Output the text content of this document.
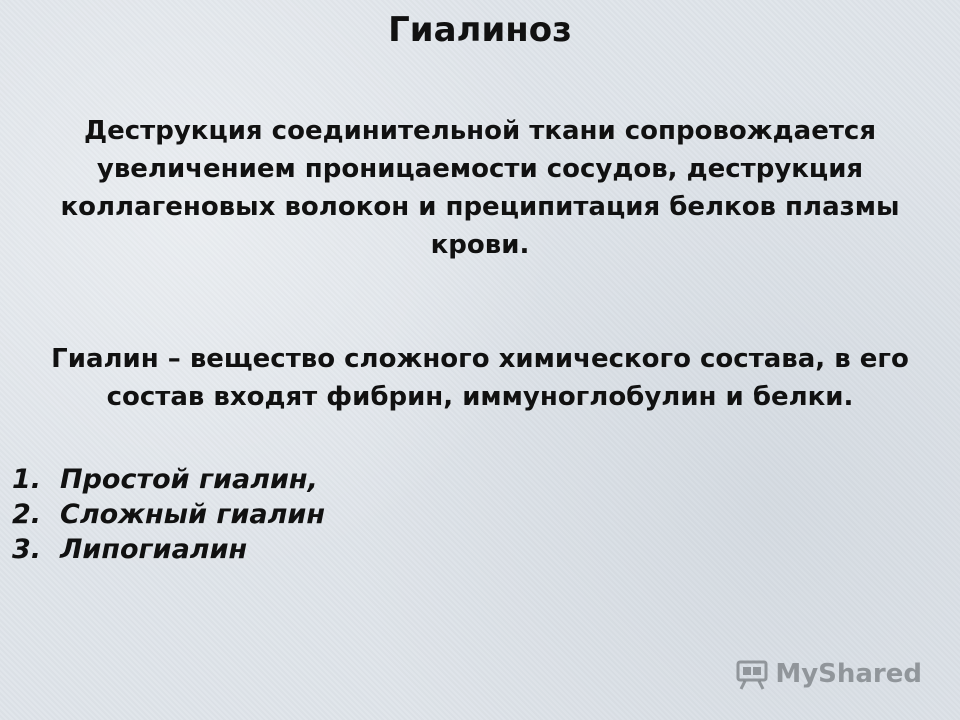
Гиалиноз
Деструкция соединительной ткани сопровождается увеличением проницаемости сосудов, деструкция коллагеновых волокон и преципитация белков плазмы крови.
Гиалин – вещество сложного химического состава, в его состав входят фибрин, иммуноглобулин и белки.
1. Простой гиалин,
2. Сложный гиалин
3. Липогиалин
MyShared
